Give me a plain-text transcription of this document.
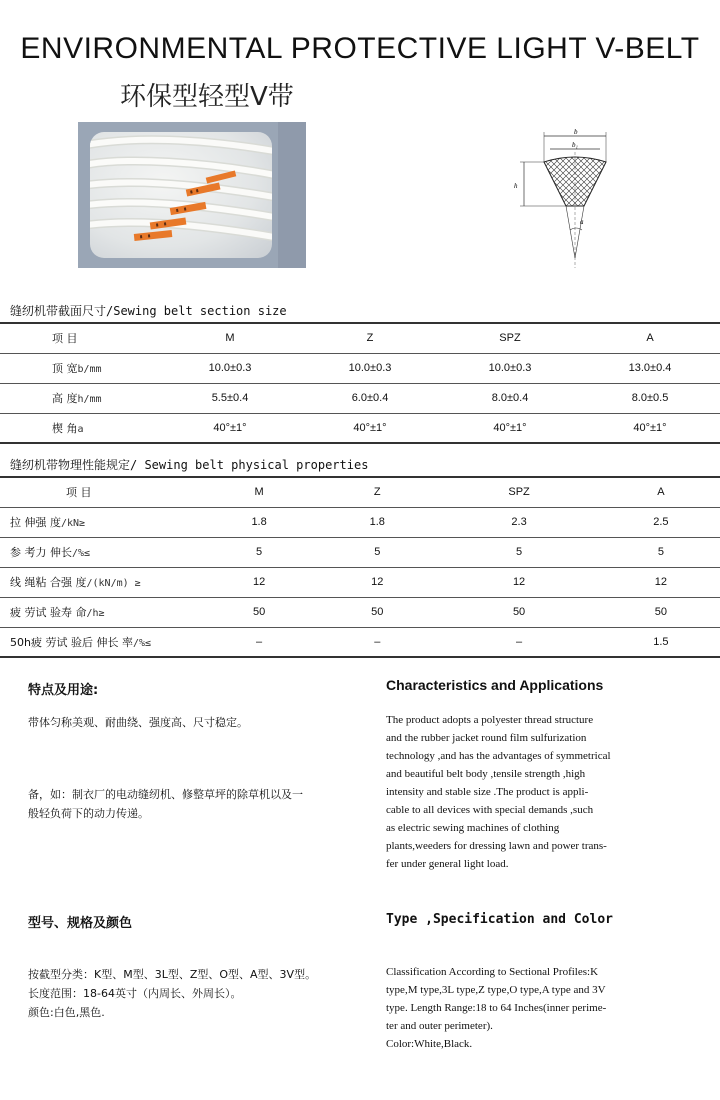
ENVIRONMENTAL PROTECTIVE LIGHT V-BELT
环保型轻型V带
b
b₁
h
a
缝纫机带截面尺寸/Sewing belt section size
项 目	M	Z	SPZ	A
顶 宽b/mm	10.0±0.3	10.0±0.3	10.0±0.3	13.0±0.4
高 度h/mm	5.5±0.4	6.0±0.4	8.0±0.4	8.0±0.5
楔 角a	40°±1°	40°±1°	40°±1°	40°±1°
缝纫机带物理性能规定/ Sewing belt physical properties
项 目	M	Z	SPZ	A
拉 伸强 度/kN≥	1.8	1.8	2.3	2.5
参 考力 伸长/%≤	5	5	5	5
线 绳粘 合强 度/(kN/m) ≥	12	12	12	12
疲 劳试 验寿 命/h≥	50	50	50	50
50h疲 劳试 验后 伸长 率/%≤	–	–	–	1.5
特点及用途:	Characteristics and Applications
带体匀称美观、耐曲绕、强度高、尺寸稳定。
备，如：制衣厂的电动缝纫机、修整草坪的除草机以及一
般轻负荷下的动力传递。
The product adopts a polyester thread structure
and the rubber jacket round film sulfurization
technology ,and has the advantages of symmetrical
and beautiful belt body ,tensile strength ,high
intensity and stable size .The product is appli-
cable to all devices with special demands ,such
as electric sewing machines of clothing
plants,weeders for dressing lawn and power trans-
fer under general light load.
型号、规格及颜色	Type ,Specification and Color
按截型分类：K型、M型、3L型、Z型、O型、A型、3V型。
长度范围：18-64英寸（内周长、外周长）。
颜色:白色,黑色.
Classification According to Sectional Profiles:K
type,M type,3L type,Z type,O type,A type and 3V
type. Length Range:18 to 64 Inches(inner perime-
ter and outer perimeter).
Color:White,Black.
